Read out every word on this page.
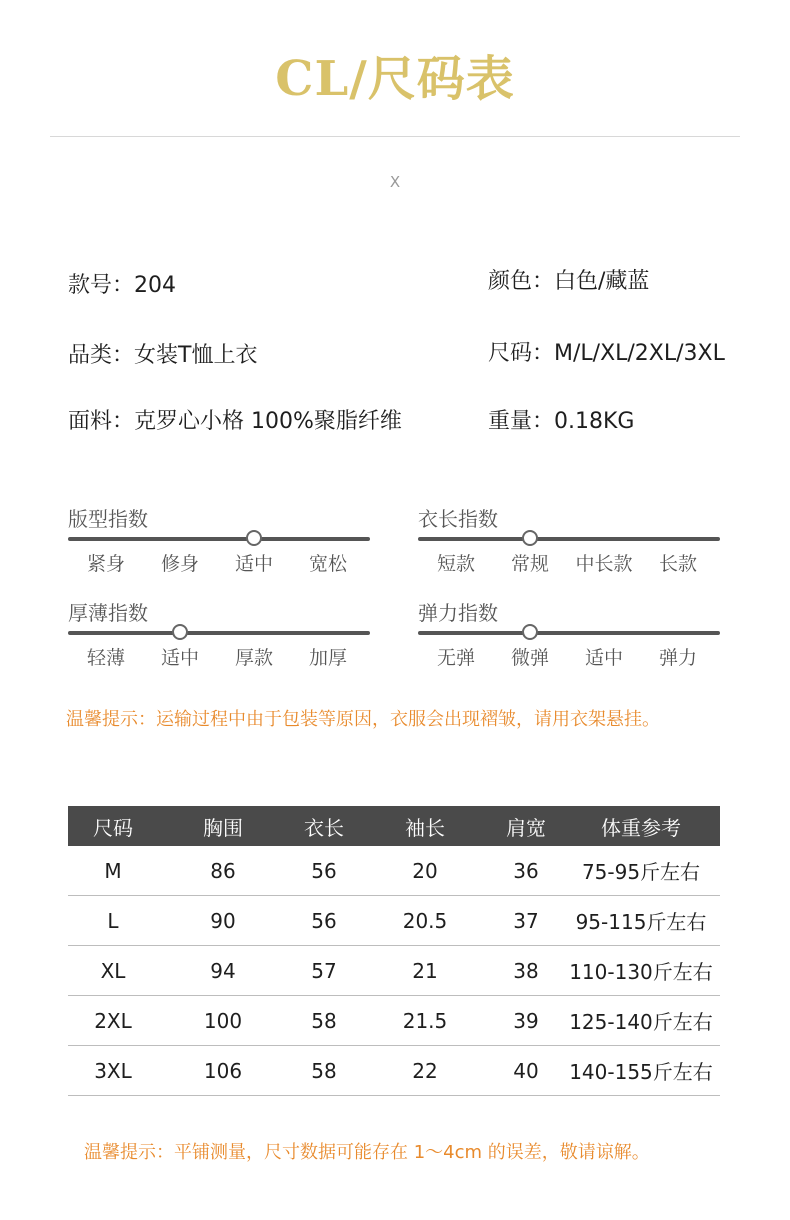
CL/尺码表
X
款号：204	颜色：白色/藏蓝
品类：女装T恤上衣	尺码：M/L/XL/2XL/3XL
面料：克罗心小格 100%聚脂纤维	重量：0.18KG
版型指数
紧身	修身	适中	宽松
衣长指数
短款	常规	中长款	长款
厚薄指数
轻薄	适中	厚款	加厚
弹力指数
无弹	微弹	适中	弹力
温馨提示：运输过程中由于包装等原因，衣服会出现褶皱，请用衣架悬挂。
尺码	胸围	衣长	袖长	肩宽	体重参考
M	86	56	20	36	75-95斤左右
L	90	56	20.5	37	95-115斤左右
XL	94	57	21	38	110-130斤左右
2XL	100	58	21.5	39	125-140斤左右
3XL	106	58	22	40	140-155斤左右
温馨提示：平铺测量，尺寸数据可能存在 1～4cm 的误差，敬请谅解。
